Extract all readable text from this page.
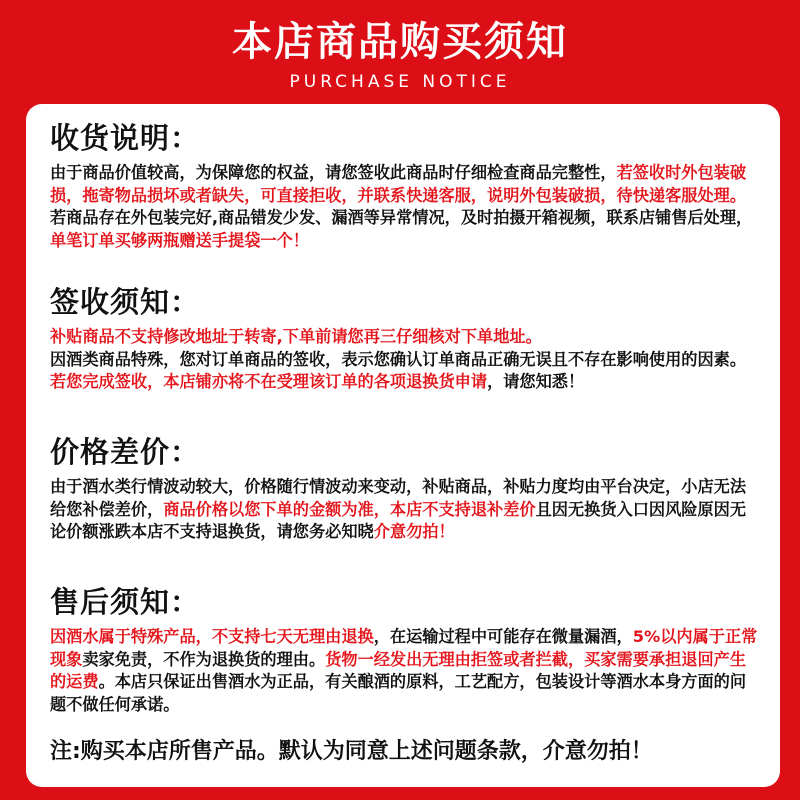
本店商品购买须知
PURCHASE NOTICE
收货说明：

由于商品价值较高，为保障您的权益，请您签收此商品时仔细检查商品完整性，若签收时外包装破损，拖寄物品损坏或者缺失，可直接拒收，并联系快递客服，说明外包装破损，待快递客服处理。

若商品存在外包装完好,商品错发少发、漏酒等异常情况，及时拍摄开箱视频，联系店铺售后处理，单笔订单买够两瓶赠送手提袋一个！

签收须知：

补贴商品不支持修改地址于转寄,下单前请您再三仔细核对下单地址。

因酒类商品特殊，您对订单商品的签收，表示您确认订单商品正确无误且不存在影响使用的因素。若您完成签收，本店铺亦将不在受理该订单的各项退换货申请，请您知悉！

价格差价：

由于酒水类行情波动较大，价格随行情波动来变动，补贴商品，补贴力度均由平台决定，小店无法给您补偿差价，商品价格以您下单的金额为准，本店不支持退补差价且因无换货入口因风险原因无论价额涨跌本店不支持退换货，请您务必知晓介意勿拍！

售后须知：

因酒水属于特殊产品，不支持七天无理由退换，在运输过程中可能存在微量漏酒，5%以内属于正常现象卖家免责，不作为退换货的理由。货物一经发出无理由拒签或者拦截，买家需要承担退回产生的运费。本店只保证出售酒水为正品，有关酿酒的原料，工艺配方，包装设计等酒水本身方面的问题不做任何承诺。

注:购买本店所售产品。默认为同意上述问题条款，介意勿拍！
